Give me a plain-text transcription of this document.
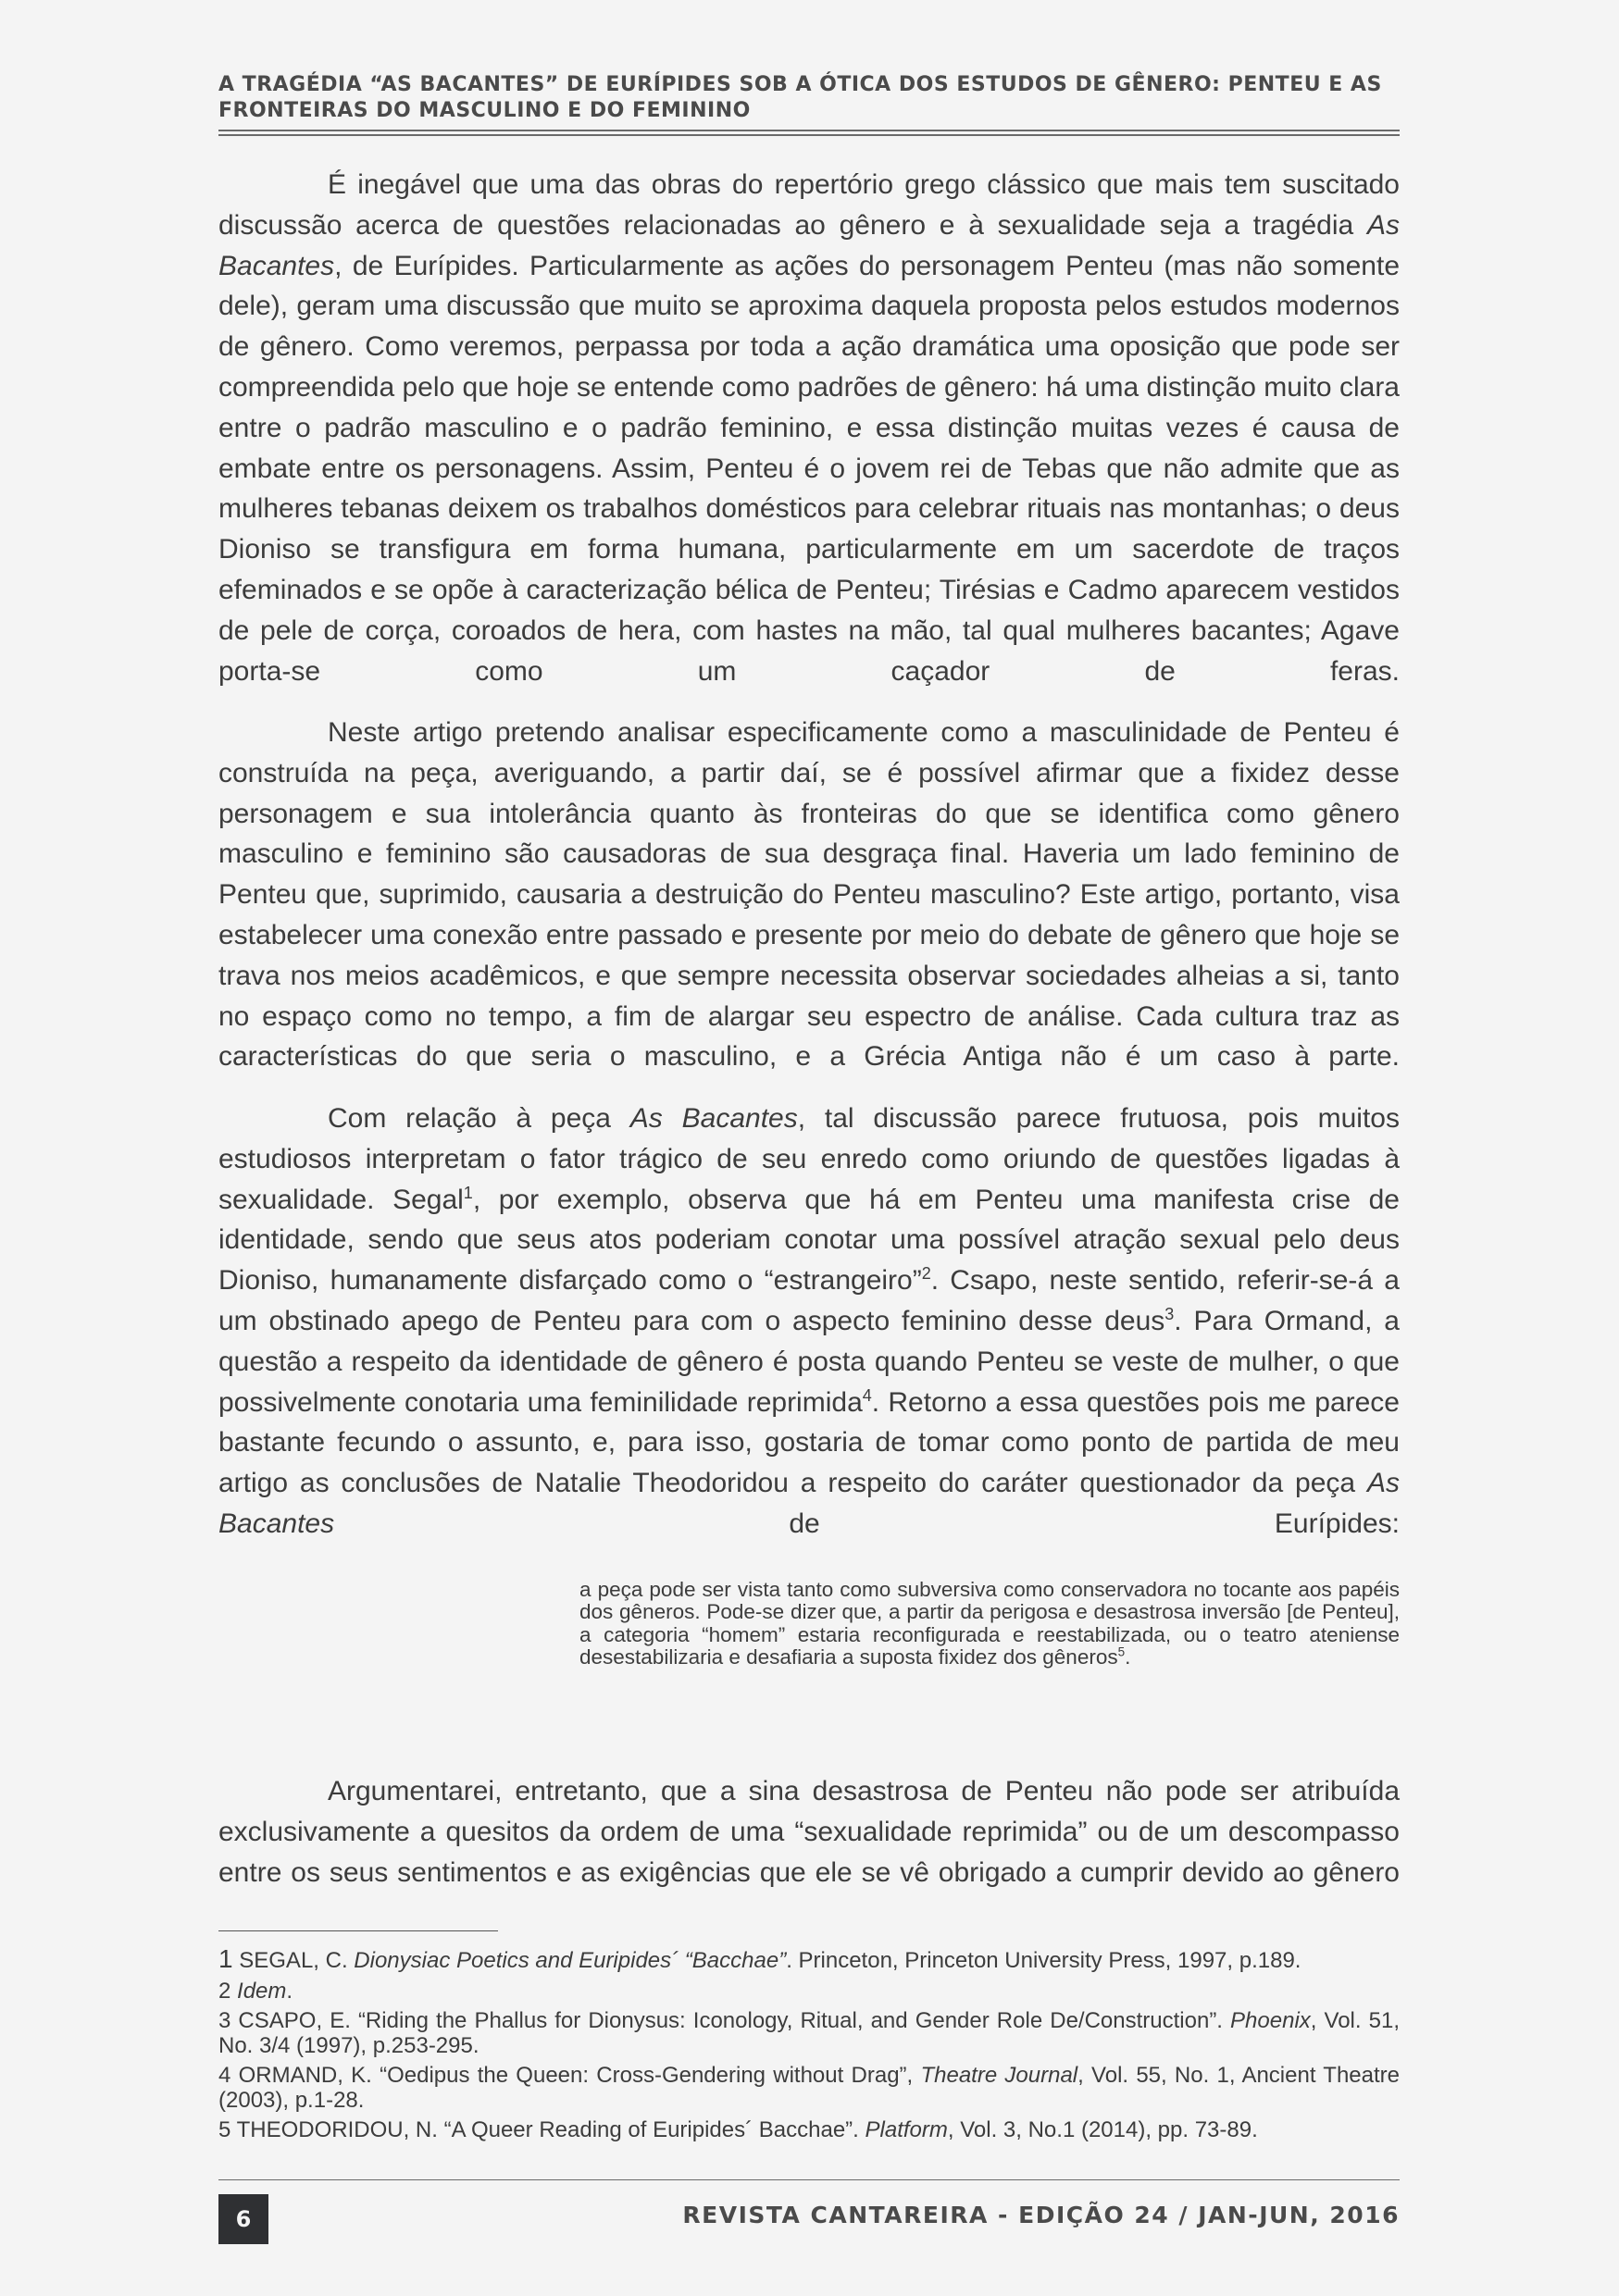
A TRAGÉDIA “AS BACANTES” DE EURÍPIDES SOB A ÓTICA DOS ESTUDOS DE GÊNERO: PENTEU E AS
FRONTEIRAS DO MASCULINO E DO FEMININO

É inegável que uma das obras do repertório grego clássico que mais tem suscitado discussão acerca de questões relacionadas ao gênero e à sexualidade seja a tragédia As Bacantes, de Eurípides. Particularmente as ações do personagem Penteu (mas não somente dele), geram uma discussão que muito se aproxima daquela proposta pelos estudos modernos de gênero. Como veremos, perpassa por toda a ação dramática uma oposição que pode ser compreendida pelo que hoje se entende como padrões de gênero: há uma distinção muito clara entre o padrão masculino e o padrão feminino, e essa distinção muitas vezes é causa de embate entre os personagens. Assim, Penteu é o jovem rei de Tebas que não admite que as mulheres tebanas deixem os trabalhos domésticos para celebrar rituais nas montanhas; o deus Dioniso se transfigura em forma humana, particularmente em um sacerdote de traços efeminados e se opõe à caracterização bélica de Penteu; Tirésias e Cadmo aparecem vestidos de pele de corça, coroados de hera, com hastes na mão, tal qual mulheres bacantes; Agave porta-se como um caçador de feras.

Neste artigo pretendo analisar especificamente como a masculinidade de Penteu é construída na peça, averiguando, a partir daí, se é possível afirmar que a fixidez desse personagem e sua intolerância quanto às fronteiras do que se identifica como gênero masculino e feminino são causadoras de sua desgraça final. Haveria um lado feminino de Penteu que, suprimido, causaria a destruição do Penteu masculino? Este artigo, portanto, visa estabelecer uma conexão entre passado e presente por meio do debate de gênero que hoje se trava nos meios acadêmicos, e que sempre necessita observar sociedades alheias a si, tanto no espaço como no tempo, a fim de alargar seu espectro de análise. Cada cultura traz as características do que seria o masculino, e a Grécia Antiga não é um caso à parte.

Com relação à peça As Bacantes, tal discussão parece frutuosa, pois muitos estudiosos interpretam o fator trágico de seu enredo como oriundo de questões ligadas à sexualidade. Segal$^1$, por exemplo, observa que há em Penteu uma manifesta crise de identidade, sendo que seus atos poderiam conotar uma possível atração sexual pelo deus Dioniso, humanamente disfarçado como o “estrangeiro”$^2$. Csapo, neste sentido, referir-se-á a um obstinado apego de Penteu para com o aspecto feminino desse deus$^3$. Para Ormand, a questão a respeito da identidade de gênero é posta quando Penteu se veste de mulher, o que possivelmente conotaria uma feminilidade reprimida$^4$. Retorno a essa questões pois me parece bastante fecundo o assunto, e, para isso, gostaria de tomar como ponto de partida de meu artigo as conclusões de Natalie Theodoridou a respeito do caráter questionador da peça As Bacantes de Eurípides:

a peça pode ser vista tanto como subversiva como conservadora no tocante aos papéis dos gêneros. Pode-se dizer que, a partir da perigosa e desastrosa inversão [de Penteu], a categoria “homem” estaria reconfigurada e reestabilizada, ou o teatro ateniense desestabilizaria e desafiaria a suposta fixidez dos gêneros$^5$.

Argumentarei, entretanto, que a sina desastrosa de Penteu não pode ser atribuída exclusivamente a quesitos da ordem de uma “sexualidade reprimida” ou de um descompasso entre os seus sentimentos e as exigências que ele se vê obrigado a cumprir devido ao gênero

1 SEGAL, C. Dionysiac Poetics and Euripides´ “Bacchae”. Princeton, Princeton University Press, 1997, p.189.

2 Idem.

3 CSAPO, E. “Riding the Phallus for Dionysus: Iconology, Ritual, and Gender Role De/Construction”. Phoenix, Vol. 51, No. 3/4 (1997), p.253-295.

4 ORMAND, K. “Oedipus the Queen: Cross-Gendering without Drag”, Theatre Journal, Vol. 55, No. 1, Ancient Theatre (2003), p.1-28.

5 THEODORIDOU, N. “A Queer Reading of Euripides´ Bacchae”. Platform, Vol. 3, No.1 (2014), pp. 73-89.

6	REVISTA CANTAREIRA - EDIÇÃO 24 / JAN-JUN, 2016
